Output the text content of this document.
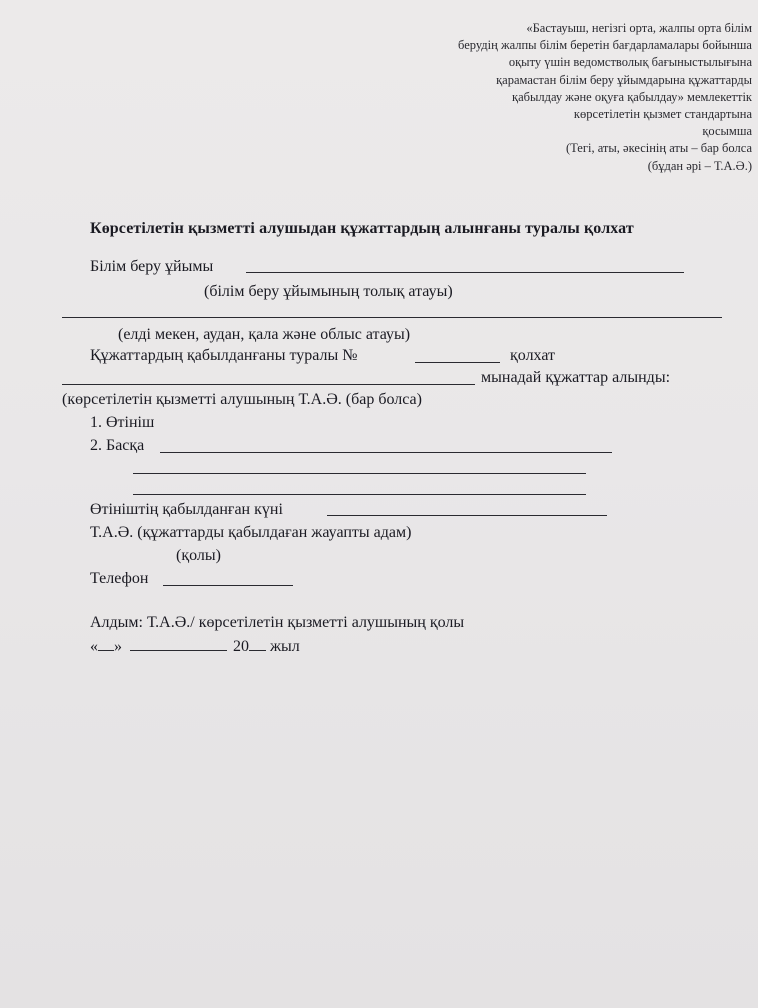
«Бастауыш, негізгі орта, жалпы орта білім
берудің жалпы білім беретін бағдарламалары бойынша
оқыту үшін ведомстволық бағыныстылығына
қарамастан білім беру ұйымдарына құжаттарды
қабылдау және оқуға қабылдау» мемлекеттік
көрсетілетін қызмет стандартына
қосымша
(Тегі, аты, әкесінің аты – бар болса
(бұдан әрі – Т.А.Ә.)
Көрсетілетін қызметті алушыдан құжаттардың алынғаны туралы қолхат
Білім беру ұйымы
(білім беру ұйымының толық атауы)
(елді мекен, аудан, қала және облыс атауы)
Құжаттардың қабылданғаны туралы №	қолхат
мынадай құжаттар алынды:
(көрсетілетін қызметті алушының Т.А.Ә. (бар болса)
1. Өтініш
2. Басқа
Өтініштің қабылданған күні
Т.А.Ә. (құжаттарды қабылдаған жауапты адам)
(қолы)
Телефон
Алдым: Т.А.Ә./ көрсетілетін қызметті алушының қолы
« »	20 жыл
